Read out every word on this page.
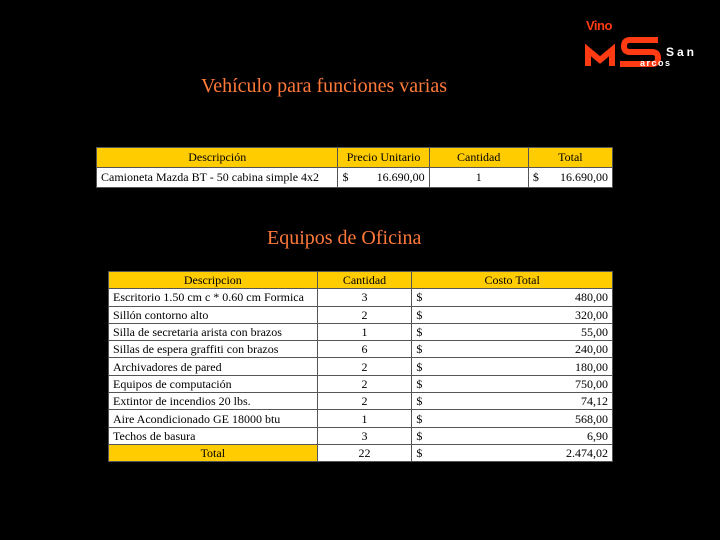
Vino
San
arcos
Vehículo para funciones varias
Descripción	Precio Unitario	Cantidad	Total
Camioneta Mazda BT - 50 cabina simple 4x2	$ 16.690,00	1	$ 16.690,00
Equipos de Oficina
Descripcion	Cantidad	Costo Total
Escritorio 1.50 cm c * 0.60 cm Formica	3	$ 480,00

Sillón contorno alto	2	$ 320,00

Silla de secretaria arista con brazos	1	$ 55,00

Sillas de espera graffiti con brazos	6	$ 240,00

Archivadores de pared	2	$ 180,00

Equipos de computación	2	$ 750,00

Extintor de incendios 20 lbs.	2	$ 74,12

Aire Acondicionado GE 18000 btu	1	$ 568,00

Techos de basura	3	$ 6,90

Total	22	$ 2.474,02
